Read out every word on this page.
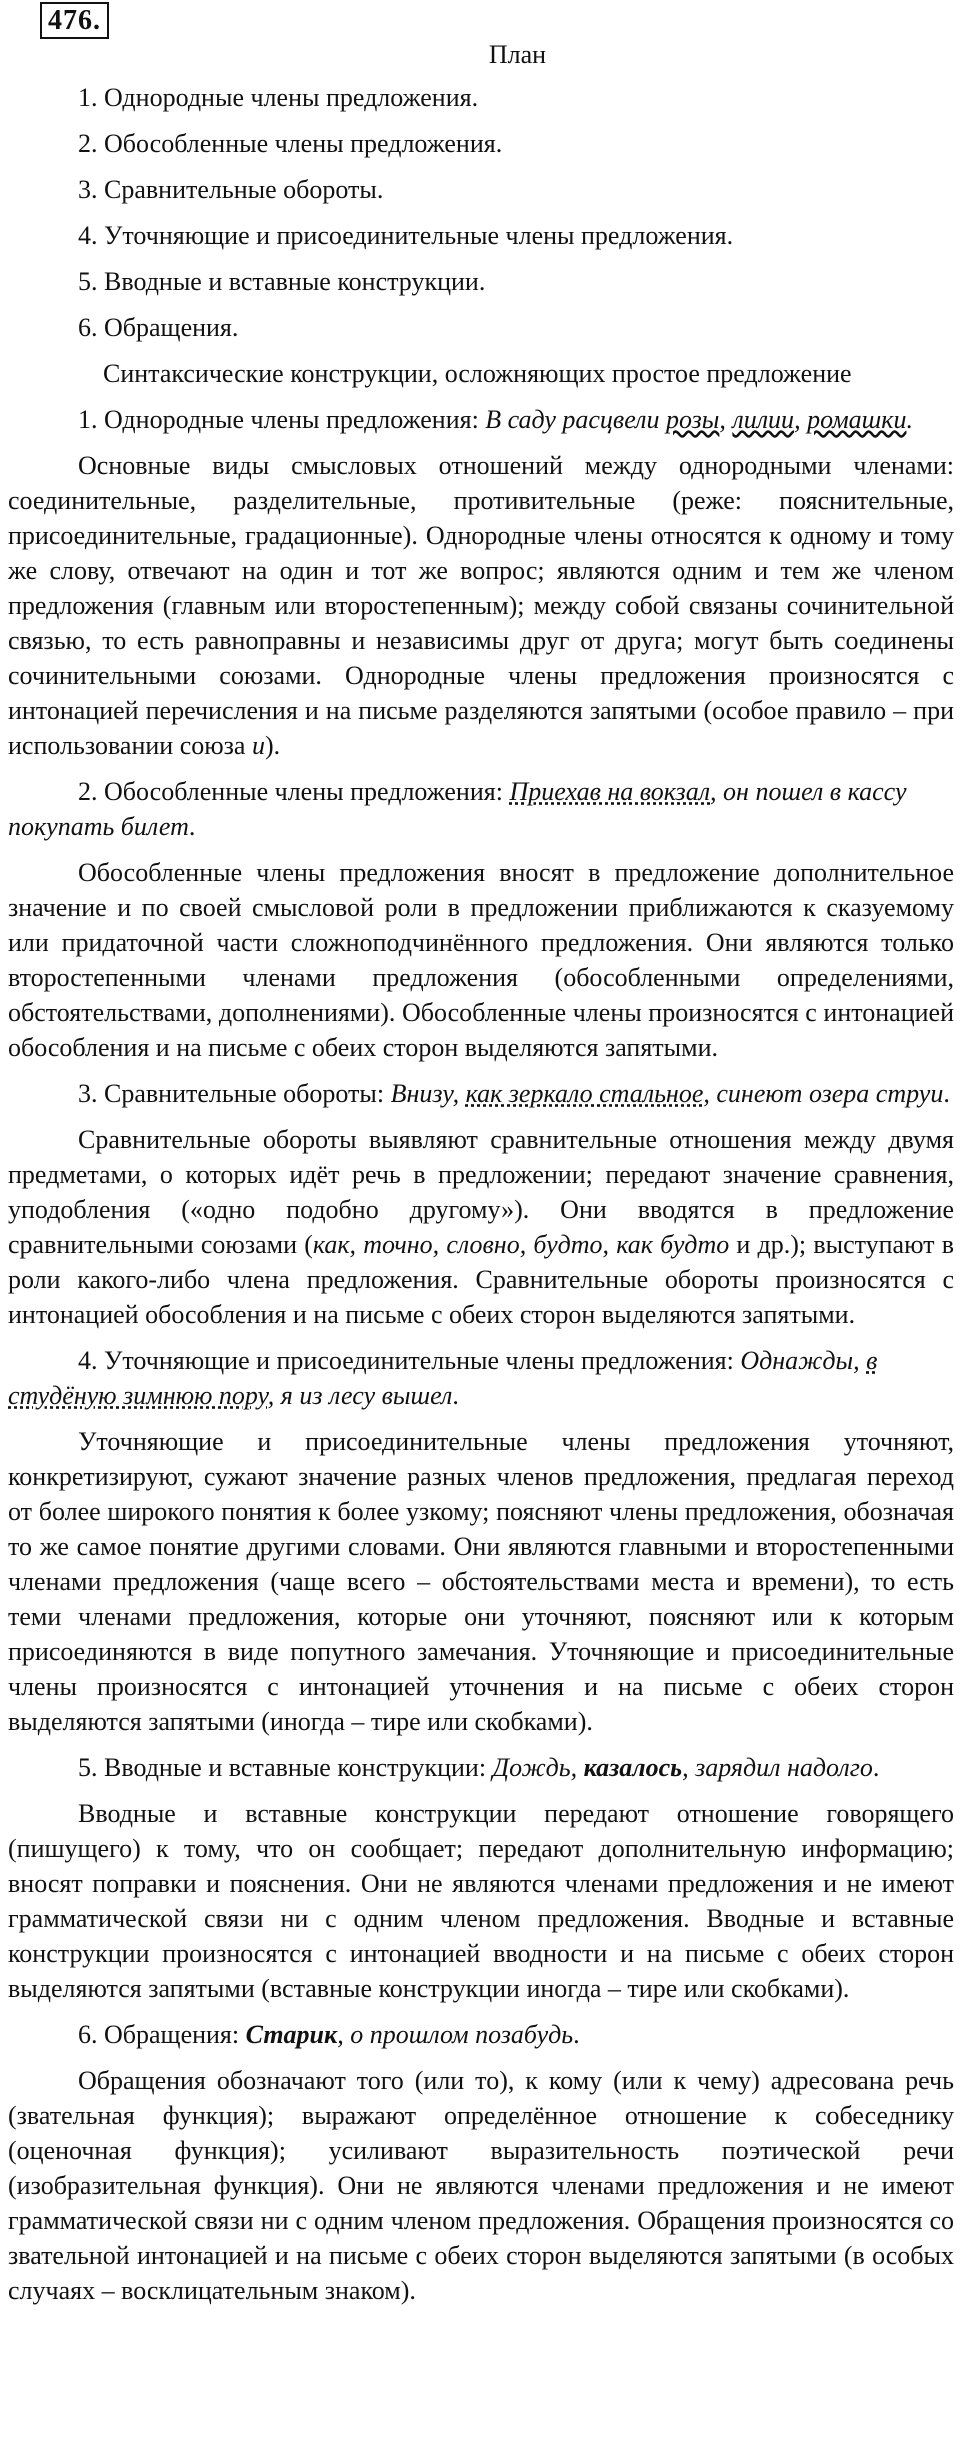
476.
План

1. Однородные члены предложения.

2. Обособленные члены предложения.

3. Сравнительные обороты.

4. Уточняющие и присоединительные члены предложения.

5. Вводные и вставные конструкции.

6. Обращения.

Синтаксические конструкции, осложняющих простое предложение

1. Однородные члены предложения: В саду расцвели розы, лилии, ромашки.

Основные виды смысловых отношений между однородными членами: соединительные, разделительные, противительные (реже: пояснительные, присоединительные, градационные). Однородные члены относятся к одному и тому же слову, отвечают на один и тот же вопрос; являются одним и тем же членом предложения (главным или второстепенным); между собой связаны сочинительной связью, то есть равноправны и независимы друг от друга; могут быть соединены сочинительными союзами. Однородные члены предложения произносятся с интонацией перечисления и на письме разделяются запятыми (особое правило – при использовании союза и).

2. Обособленные члены предложения: Приехав на вокзал, он пошел в кассу покупать билет.

Обособленные члены предложения вносят в предложение дополнительное значение и по своей смысловой роли в предложении приближаются к сказуемому или придаточной части сложноподчинённого предложения. Они являются только второстепенными членами предложения (обособленными определениями, обстоятельствами, дополнениями). Обособленные члены произносятся с интонацией обособления и на письме с обеих сторон выделяются запятыми.

3. Сравнительные обороты: Внизу, как зеркало стальное, синеют озера струи.

Сравнительные обороты выявляют сравнительные отношения между двумя предметами, о которых идёт речь в предложении; передают значение сравнения, уподобления («одно подобно другому»). Они вводятся в предложение сравнительными союзами (как, точно, словно, будто, как будто и др.); выступают в роли какого-либо члена предложения. Сравнительные обороты произносятся с интонацией обособления и на письме с обеих сторон выделяются запятыми.

4. Уточняющие и присоединительные члены предложения: Однажды, в студёную зимнюю пору, я из лесу вышел.

Уточняющие и присоединительные члены предложения уточняют, конкретизируют, сужают значение разных членов предложения, предлагая переход от более широкого понятия к более узкому; поясняют члены предложения, обозначая то же самое понятие другими словами. Они являются главными и второстепенными членами предложения (чаще всего – обстоятельствами места и времени), то есть теми членами предложения, которые они уточняют, поясняют или к которым присоединяются в виде попутного замечания. Уточняющие и присоединительные члены произносятся с интонацией уточнения и на письме с обеих сторон выделяются запятыми (иногда – тире или скобками).

5. Вводные и вставные конструкции: Дождь, казалось, зарядил надолго.

Вводные и вставные конструкции передают отношение говорящего (пишущего) к тому, что он сообщает; передают дополнительную информацию; вносят поправки и пояснения. Они не являются членами предложения и не имеют грамматической связи ни с одним членом предложения. Вводные и вставные конструкции произносятся с интонацией вводности и на письме с обеих сторон выделяются запятыми (вставные конструкции иногда – тире или скобками).

6. Обращения: Старик, о прошлом позабудь.

Обращения обозначают того (или то), к кому (или к чему) адресована речь (звательная функция); выражают определённое отношение к собеседнику (оценочная функция); усиливают выразительность поэтической речи (изобразительная функция). Они не являются членами предложения и не имеют грамматической связи ни с одним членом предложения. Обращения произносятся со звательной интонацией и на письме с обеих сторон выделяются запятыми (в особых случаях – восклицательным знаком).
